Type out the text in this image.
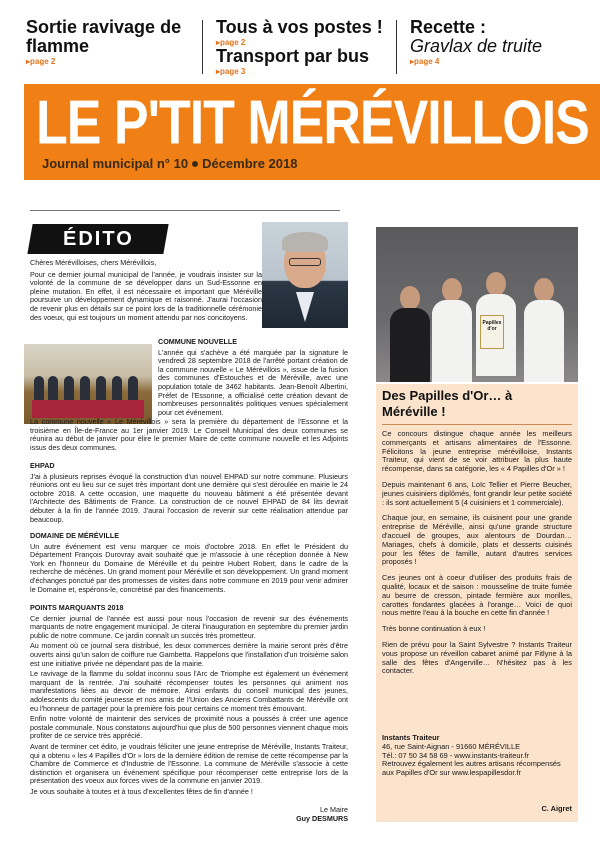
Sortie ravivage de flamme
▸ page 2
Tous à vos postes !
▸ page 2
Transport par bus
▸ page 3
Recette :
Gravlax de truite
▸ page 4
LE P'TIT MÉRÉVILLOIS
Journal municipal n° 10 Décembre 2018
ÉDITO

Chères Mérévilloises, chers Mérévillois,

Pour ce dernier journal municipal de l'année, je voudrais insister sur la volonté de la commune de se développer dans un Sud-Essonne en pleine mutation. En effet, il est nécessaire et important que Méréville poursuive un développement dynamique et raisonné. J'aurai l'occasion de revenir plus en détails sur ce point lors de la traditionnelle cérémonie des voeux, qui est toujours un moment attendu par nos concitoyens.

COMMUNE NOUVELLE

L'année qui s'achève a été marquée par la signature le vendredi 28 septembre 2018 de l'arrêté portant création de la commune nouvelle « Le Mérévillois », issue de la fusion des communes d'Estouches et de Méréville, avec une population totale de 3462 habitants. Jean-Benoît Albertini, Préfet de l'Essonne, a officialisé cette création devant de nombreuses personnalités politiques venues spécialement pour cet événement.

La commune nouvelle « Le Mérévillois » sera la première du département de l'Essonne et la troisième en Île-de-France au 1er janvier 2019. Le Conseil Municipal des deux communes se réunira au début de janvier pour élire le premier Maire de cette commune nouvelle et les Adjoints issus des deux communes.

EHPAD

J'ai à plusieurs reprises évoqué la construction d'un nouvel EHPAD sur notre commune. Plusieurs réunions ont eu lieu sur ce sujet très important dont une dernière qui s'est déroulée en mairie le 24 octobre 2018. A cette occasion, une maquette du nouveau bâtiment a été présentée devant l'Architecte des Bâtiments de France. La construction de ce nouvel EHPAD de 84 lits devrait débuter à la fin de l'année 2019. J'aurai l'occasion de revenir sur cette réalisation attendue par beaucoup.

DOMAINE DE MÉRÉVILLE

Un autre événement est venu marquer ce mois d'octobre 2018. En effet le Président du Département François Durovray avait souhaité que je m'associe à une réception donnée à New York en l'honneur du Domaine de Méréville et du peintre Hubert Robert, dans le cadre de la recherche de mécènes. Un grand moment pour Méréville et son développement. Un grand moment d'échanges ponctué par des promesses de visites dans notre commune en 2019 pour venir admirer le Domaine et, espérons-le, concrétisé par des financements.

POINTS MARQUANTS 2018

Ce dernier journal de l'année est aussi pour nous l'occasion de revenir sur des événements marquants de notre engagement municipal. Je citerai l'inauguration en septembre du premier jardin public de notre commune. Ce jardin connaît un succès très prometteur.

Au moment où ce journal sera distribué, les deux commerces derrière la mairie seront près d'être ouverts ainsi qu'un salon de coiffure rue Gambetta. Rappelons que l'installation d'un troisième salon est une initiative privée ne dépendant pas de la mairie.

Le ravivage de la flamme du soldat inconnu sous l'Arc de Triomphe est également un événement marquant de la rentrée. J'ai souhaité récompenser toutes les personnes qui animent nos manifestations liées au devoir de mémoire. Ainsi enfants du conseil municipal des jeunes, adolescents du comité jeunesse et nos amis de l'Union des Anciens Combattants de Méréville ont eu l'honneur de partager pour la première fois pour certains ce moment très émouvant.

Enfin notre volonté de maintenir des services de proximité nous a poussés à créer une agence postale communale. Nous constatons aujourd'hui que plus de 500 personnes viennent chaque mois profiter de ce service très apprécié.

Avant de terminer cet édito, je voudrais féliciter une jeune entreprise de Méréville, Instants Traiteur, qui a obtenu « les 4 Papilles d'Or » lors de la dernière édition de remise de cette récompense par la Chambre de Commerce et d'Industrie de l'Essonne. La commune de Méréville s'associe à cette distinction et organisera un événement spécifique pour récompenser cette entreprise lors de la présentation des voeux aux forces vives de la commune en janvier 2019.

Je vous souhaite à toutes et à tous d'excellentes fêtes de fin d'année !

Le Maire
Guy DESMURS
Papilles d'or
Des Papilles d'Or… à Méréville !

Ce concours distingue chaque année les meilleurs commerçants et artisans alimentaires de l'Essonne. Félicitons la jeune entreprise mérévilloise, Instants Traiteur, qui vient de se voir attribuer la plus haute récompense, dans sa catégorie, les « 4 Papilles d'Or » !

Depuis maintenant 6 ans, Loïc Tellier et Pierre Beucher, jeunes cuisiniers diplômés, font grandir leur petite société : ils sont actuellement 5 (4 cuisiniers et 1 commerciale).

Chaque jour, en semaine, ils cuisinent pour une grande entreprise de Méréville, ainsi qu'une grande structure d'accueil de groupes, aux alentours de Dourdan… Mariages, chefs à domicile, plats et desserts cuisinés pour les fêtes de famille, autant d'autres services proposés !

Ces jeunes ont à coeur d'utiliser des produits frais de qualité, locaux et de saison : mousseline de truite fumée au beurre de cresson, pintade fermière aux morilles, carottes fondantes glacées à l'orange… Voici de quoi nous mettre l'eau à la bouche en cette fin d'année !

Très bonne continuation à eux !

Rien de prévu pour la Saint Sylvestre ? Instants Traiteur vous propose un réveillon cabaret animé par Fitlyne à la salle des fêtes d'Angerville… N'hésitez pas à les contacter.

Instants Traiteur
46, rue Saint-Aignan - 91660 MÉRÉVILLE
Tél.: 07 50 34 58 69 - www.instants-traiteur.fr
Retrouvez également les autres artisans récompensés aux Papilles d'Or sur www.lespapillesdor.fr
C. Aigret
